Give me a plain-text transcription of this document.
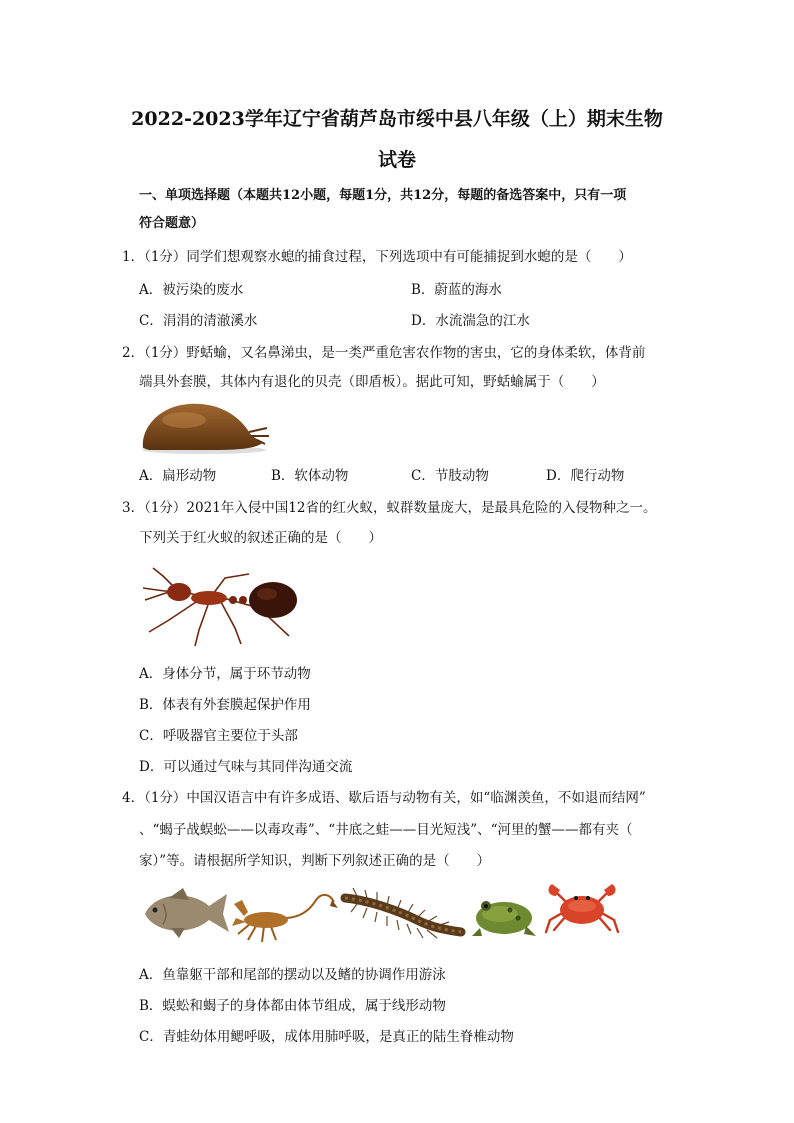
2022-2023学年辽宁省葫芦岛市绥中县八年级（上）期末生物
试卷
一、单项选择题（本题共12小题，每题1分，共12分，每题的备选答案中，只有一项
符合题意）
1．（1分）同学们想观察水螅的捕食过程，下列选项中有可能捕捉到水螅的是（　　）
A．被污染的废水	B．蔚蓝的海水
C．涓涓的清澈溪水	D．水流湍急的江水
2．（1分）野蛞蝓，又名鼻涕虫，是一类严重危害农作物的害虫，它的身体柔软，体背前
端具外套膜，其体内有退化的贝壳（即盾板）。据此可知，野蛞蝓属于（　　）
A．扁形动物	B．软体动物	C．节肢动物	D．爬行动物
3．（1分）2021年入侵中国12省的红火蚁，蚁群数量庞大，是最具危险的入侵物种之一。
下列关于红火蚁的叙述正确的是（　　）
A．身体分节，属于环节动物
B．体表有外套膜起保护作用
C．呼吸器官主要位于头部
D．可以通过气味与其同伴沟通交流
4．（1分）中国汉语言中有许多成语、歇后语与动物有关，如“临渊羡鱼，不如退而结网”
、“蝎子战蜈蚣——以毒攻毒”、“井底之蛙——目光短浅”、“河里的蟹——都有夹（
家）”等。请根据所学知识，判断下列叙述正确的是（　　）
A．鱼靠躯干部和尾部的摆动以及鳍的协调作用游泳
B．蜈蚣和蝎子的身体都由体节组成，属于线形动物
C．青蛙幼体用鳃呼吸，成体用肺呼吸，是真正的陆生脊椎动物
